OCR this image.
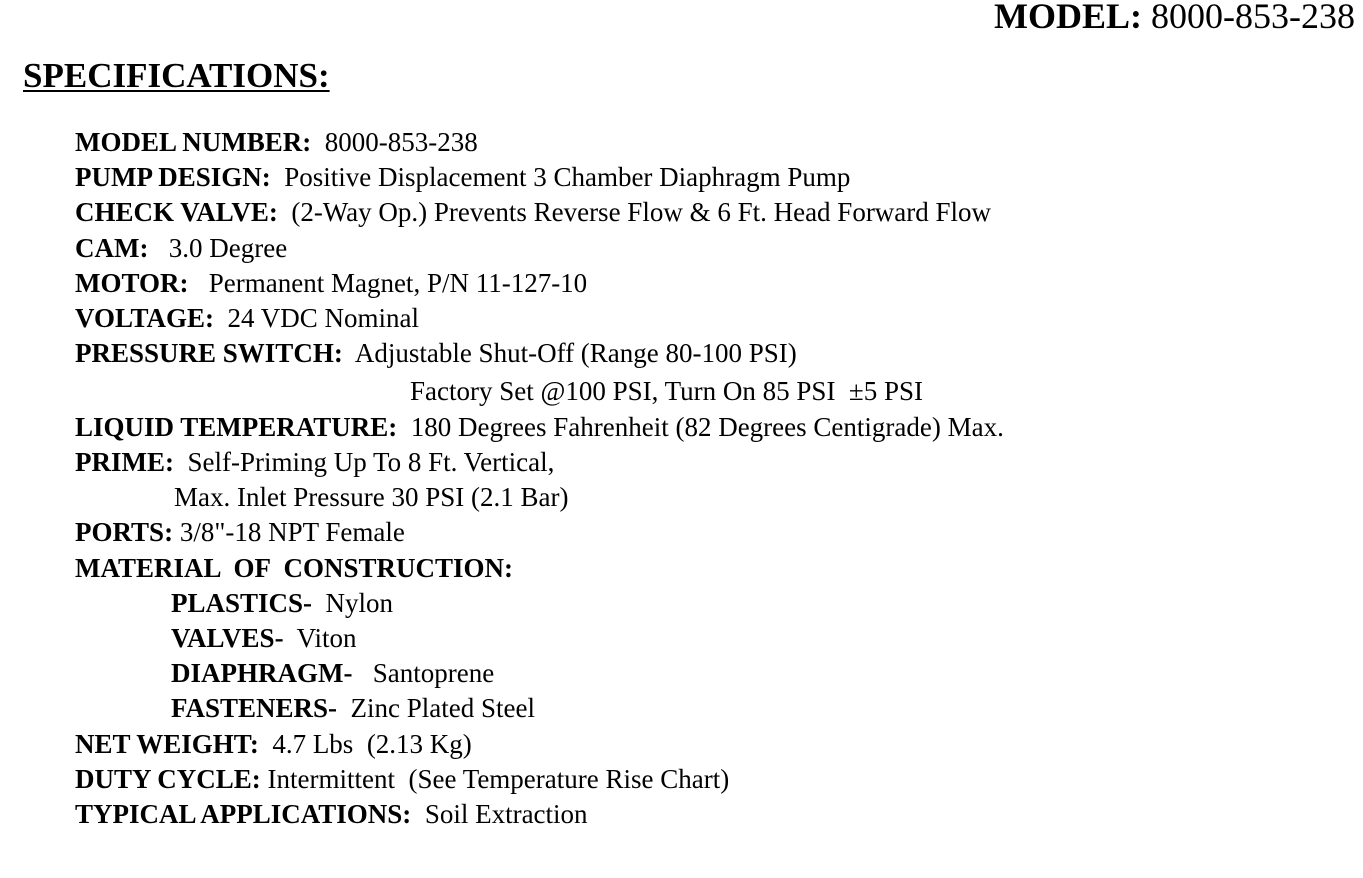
MODEL: 8000-853-238
SPECIFICATIONS:
MODEL NUMBER: 8000-853-238
PUMP DESIGN: Positive Displacement 3 Chamber Diaphragm Pump
CHECK VALVE: (2-Way Op.) Prevents Reverse Flow & 6 Ft. Head Forward Flow
CAM: 3.0 Degree
MOTOR: Permanent Magnet, P/N 11-127-10
VOLTAGE: 24 VDC Nominal
PRESSURE SWITCH: Adjustable Shut-Off (Range 80-100 PSI)
Factory Set @100 PSI, Turn On 85 PSI  ±5 PSI
LIQUID TEMPERATURE: 180 Degrees Fahrenheit (82 Degrees Centigrade) Max.
PRIME: Self-Priming Up To 8 Ft. Vertical,
Max. Inlet Pressure 30 PSI (2.1 Bar)
PORTS: 3/8"-18 NPT Female
MATERIAL  OF  CONSTRUCTION:
PLASTICS- Nylon
VALVES- Viton
DIAPHRAGM- Santoprene
FASTENERS- Zinc Plated Steel
NET WEIGHT: 4.7 Lbs  (2.13 Kg)
DUTY CYCLE: Intermittent  (See Temperature Rise Chart)
TYPICAL APPLICATIONS: Soil Extraction
